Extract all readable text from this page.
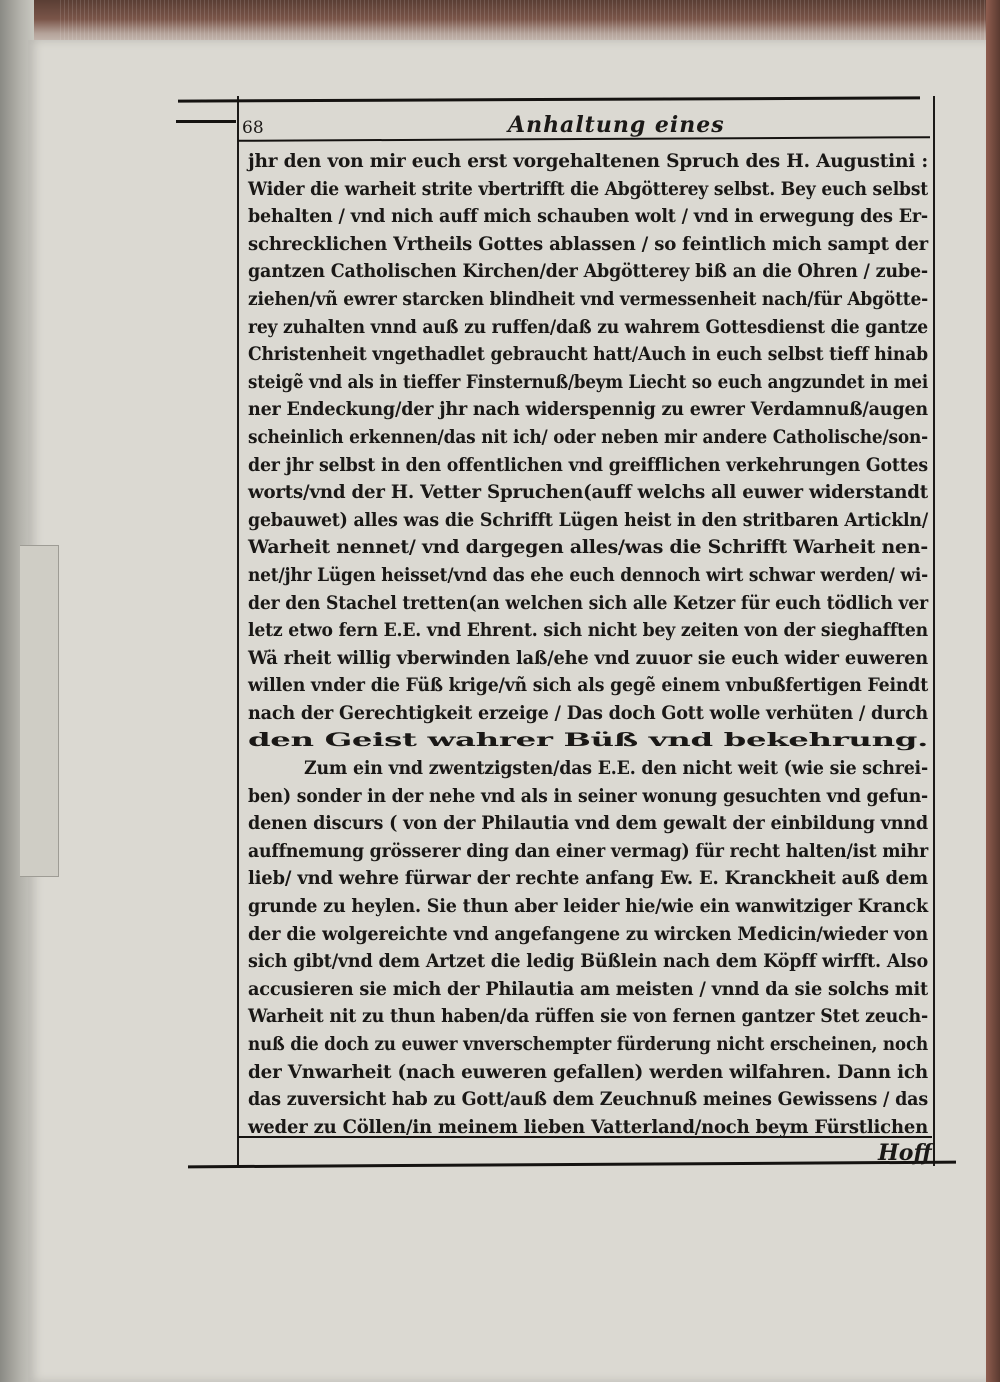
68	Anhaltung eines
jhr den von mir euch erst vorgehaltenen Spruch des H. Augustini :
Wider die warheit strite vbertrifft die Abgötterey selbst. Bey euch selbst
behalten / vnd nich auff mich schauben wolt / vnd in erwegung des Er-
schrecklichen Vrtheils Gottes ablassen / so feintlich mich sampt der
gantzen Catholischen Kirchen/der Abgötterey biß an die Ohren / zube-
ziehen/vñ ewrer starcken blindheit vnd vermessenheit nach/für Abgötte-
rey zuhalten vnnd auß zu ruffen/daß zu wahrem Gottesdienst die gantze
Christenheit vngethadlet gebraucht hatt/Auch in euch selbst tieff hinab
steigẽ vnd als in tieffer Finsternuß/beym Liecht so euch angzundet in mei
ner Endeckung/der jhr nach widerspennig zu ewrer Verdamnuß/augen
scheinlich erkennen/das nit ich/ oder neben mir andere Catholische/son-
der jhr selbst in den offentlichen vnd greifflichen verkehrungen Gottes
worts/vnd der H. Vetter Spruchen(auff welchs all euwer widerstandt
gebauwet) alles was die Schrifft Lügen heist in den stritbaren Artickln/
Warheit nennet/ vnd dargegen alles/was die Schrifft Warheit nen-
net/jhr Lügen heisset/vnd das ehe euch dennoch wirt schwar werden/ wi-
der den Stachel tretten(an welchen sich alle Ketzer für euch tödlich ver
letz etwo fern E.E. vnd Ehrent. sich nicht bey zeiten von der sieghafften
Wä rheit willig vberwinden laß/ehe vnd zuuor sie euch wider euweren
willen vnder die Füß krige/vñ sich als gegẽ einem vnbußfertigen Feindt
nach der Gerechtigkeit erzeige / Das doch Gott wolle verhüten / durch
den Geist wahrer Büß vnd bekehrung.
Zum ein vnd zwentzigsten/das E.E. den nicht weit (wie sie schrei-
ben) sonder in der nehe vnd als in seiner wonung gesuchten vnd gefun-
denen discurs ( von der Philautia vnd dem gewalt der einbildung vnnd
auffnemung grösserer ding dan einer vermag) für recht halten/ist mihr
lieb/ vnd wehre fürwar der rechte anfang Ew. E. Kranckheit auß dem
grunde zu heylen. Sie thun aber leider hie/wie ein wanwitziger Kranck
der die wolgereichte vnd angefangene zu wircken Medicin/wieder von
sich gibt/vnd dem Artzet die ledig Büßlein nach dem Köpff wirfft. Also
accusieren sie mich der Philautia am meisten / vnnd da sie solchs mit
Warheit nit zu thun haben/da rüffen sie von fernen gantzer Stet zeuch-
nuß die doch zu euwer vnverschempter fürderung nicht erscheinen, noch
der Vnwarheit (nach euweren gefallen) werden wilfahren. Dann ich
das zuversicht hab zu Gott/auß dem Zeuchnuß meines Gewissens / das
weder zu Cöllen/in meinem lieben Vatterland/noch beym Fürstlichen
Hoff
